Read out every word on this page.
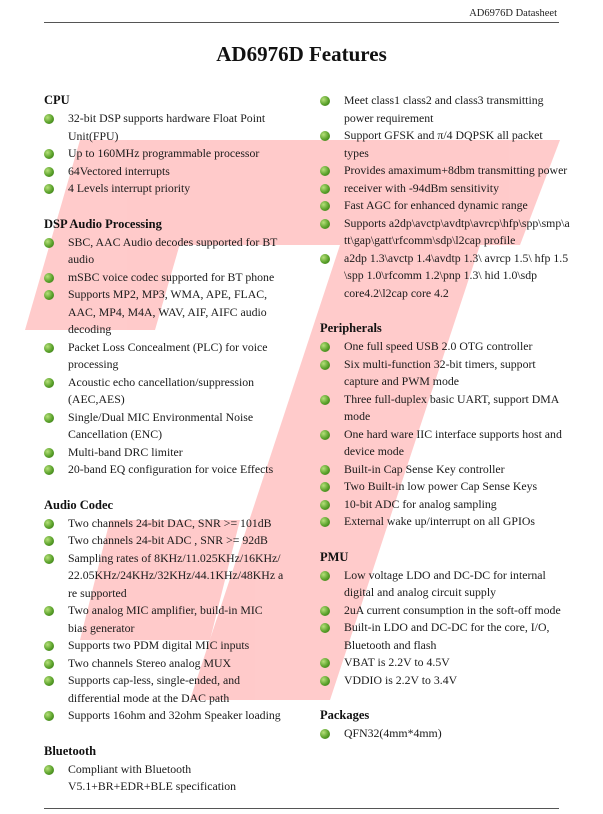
AD6976D Datasheet
AD6976D Features
CPU
32-bit DSP supports hardware Float Point Unit(FPU)
Up to 160MHz programmable processor
64Vectored interrupts
4 Levels interrupt priority
DSP Audio Processing
SBC, AAC Audio decodes supported for BT audio
mSBC voice codec supported for BT phone
Supports MP2, MP3, WMA, APE, FLAC, AAC, MP4, M4A, WAV, AIF, AIFC audio decoding
Packet Loss Concealment (PLC) for voice processing
Acoustic echo cancellation/suppression (AEC,AES)
Single/Dual MIC Environmental Noise Cancellation (ENC)
Multi-band DRC limiter
20-band EQ configuration for voice Effects
Audio Codec
Two channels 24-bit DAC, SNR >= 101dB
Two channels 24-bit ADC , SNR >= 92dB
Sampling rates of 8KHz/11.025KHz/16KHz/22.05KHz/24KHz/32KHz/44.1KHz/48KHz are supported
Two analog MIC amplifier, build-in MIC bias generator
Supports two PDM digital MIC inputs
Two channels Stereo analog MUX
Supports cap-less, single-ended, and differential mode at the DAC path
Supports 16ohm and 32ohm Speaker loading
Bluetooth
Compliant with Bluetooth V5.1+BR+EDR+BLE specification
Meet class1 class2 and class3 transmitting power requirement
Support GFSK and π/4 DQPSK all packet types
Provides amaximum+8dbm transmitting power
receiver with -94dBm sensitivity
Fast AGC for enhanced dynamic range
Supports a2dp\avctp\avdtp\avrcp\hfp\spp\smp\att\gap\gatt\rfcomm\sdp\l2cap profile
a2dp 1.3\avctp 1.4\avdtp 1.3\ avrcp 1.5\ hfp 1.5 \spp 1.0\rfcomm 1.2\pnp 1.3\ hid 1.0\sdp core4.2\l2cap core 4.2
Peripherals
One full speed USB 2.0 OTG controller
Six multi-function 32-bit timers, support capture and PWM mode
Three full-duplex basic UART, support DMA mode
One hard ware IIC interface supports host and device mode
Built-in Cap Sense Key controller
Two Built-in low power Cap Sense Keys
10-bit ADC for analog sampling
External wake up/interrupt on all GPIOs
PMU
Low voltage LDO and DC-DC for internal digital and analog circuit supply
2uA current consumption in the soft-off mode
Built-in LDO and DC-DC for the core, I/O, Bluetooth and flash
VBAT is 2.2V to 4.5V
VDDIO is 2.2V to 3.4V
Packages
QFN32(4mm*4mm)
